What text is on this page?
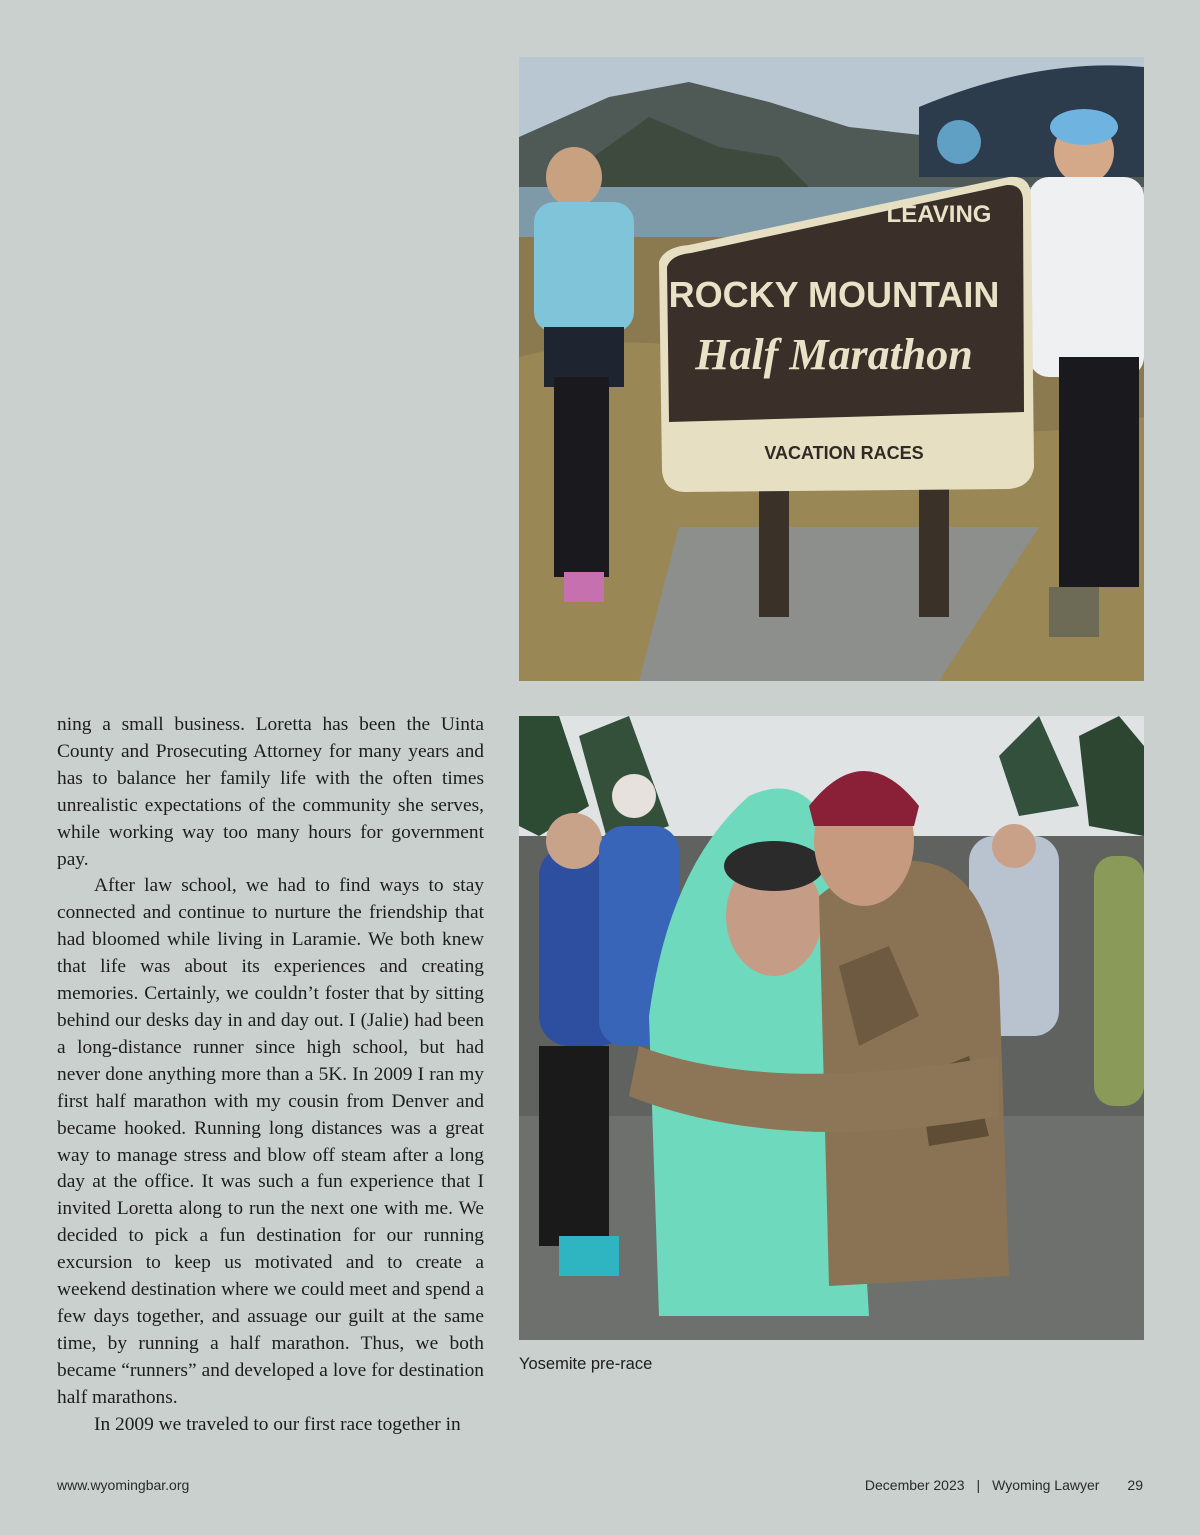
LEAVING
ROCKY MOUNTAIN
Half Marathon
VACATION RACES
Yosemite pre-race

ning a small business. Loretta has been the Uinta County and Prosecuting Attorney for many years and has to balance her family life with the often times unrealistic expectations of the community she serves, while working way too many hours for government pay.

After law school, we had to find ways to stay connected and continue to nurture the friendship that had bloomed while living in Laramie. We both knew that life was about its experiences and creating memories. Certainly, we couldn’t foster that by sitting behind our desks day in and day out. I (Jalie) had been a long-distance runner since high school, but had never done anything more than a 5K. In 2009 I ran my first half marathon with my cousin from Denver and became hooked. Running long distances was a great way to manage stress and blow off steam after a long day at the office. It was such a fun experience that I invited Loretta along to run the next one with me. We decided to pick a fun destination for our running excursion to keep us motivated and to create a weekend destination where we could meet and spend a few days together, and assuage our guilt at the same time, by running a half marathon. Thus, we both became “runners” and developed a love for destination half marathons.

In 2009 we traveled to our first race together in

www.wyomingbar.org	December 2023 | Wyoming Lawyer 29
